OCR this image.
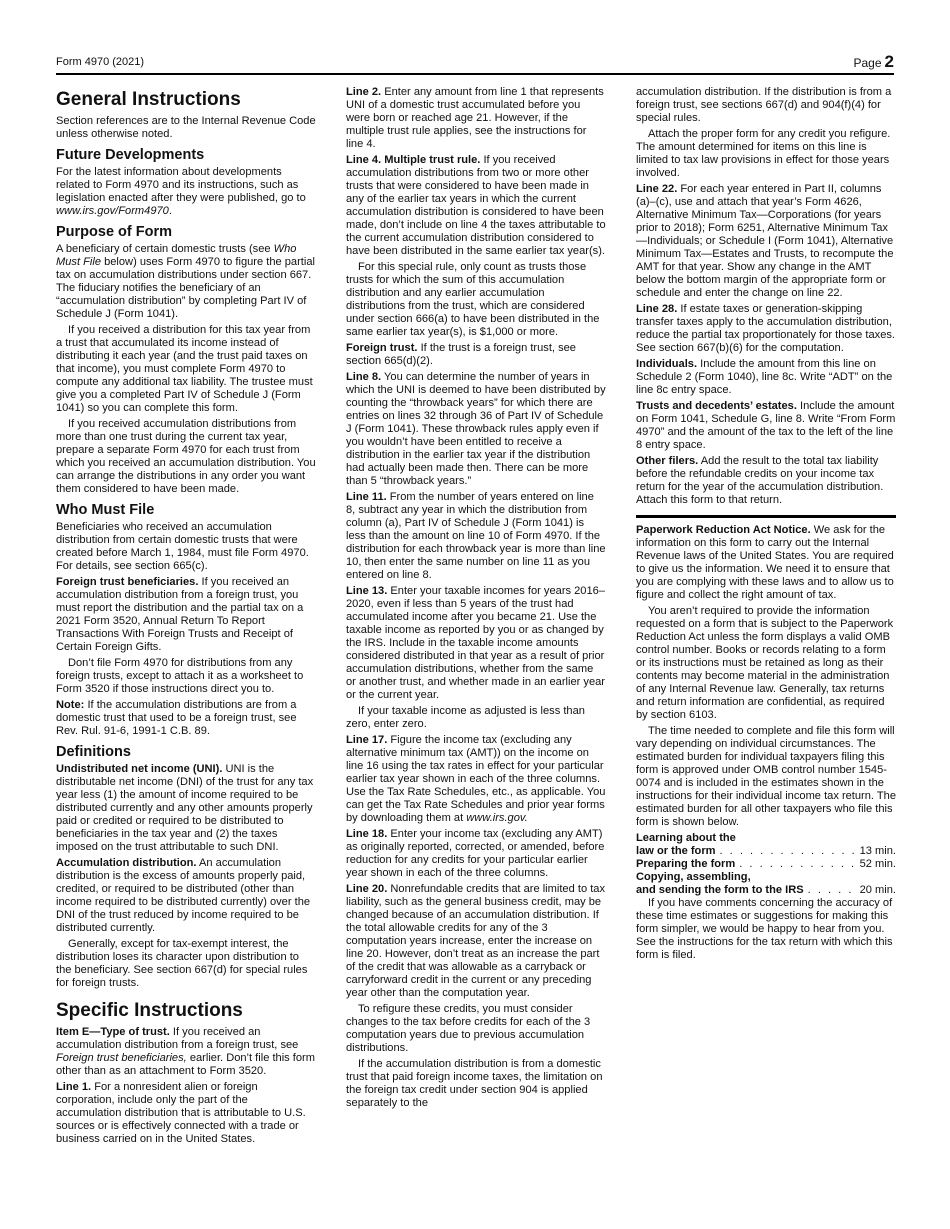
Form 4970 (2021)	Page 2
General Instructions

Section references are to the Internal Revenue Code unless otherwise noted.

Future Developments

For the latest information about developments related to Form 4970 and its instructions, such as legislation enacted after they were published, go to www.irs.gov/Form4970.

Purpose of Form

A beneficiary of certain domestic trusts (see Who Must File below) uses Form 4970 to figure the partial tax on accumulation distributions under section 667. The fiduciary notifies the beneficiary of an “accumulation distribution” by completing Part IV of Schedule J (Form 1041).

If you received a distribution for this tax year from a trust that accumulated its income instead of distributing it each year (and the trust paid taxes on that income), you must complete Form 4970 to compute any additional tax liability. The trustee must give you a completed Part IV of Schedule J (Form 1041) so you can complete this form.

If you received accumulation distributions from more than one trust during the current tax year, prepare a separate Form 4970 for each trust from which you received an accumulation distribution. You can arrange the distributions in any order you want them considered to have been made.

Who Must File

Beneficiaries who received an accumulation distribution from certain domestic trusts that were created before March 1, 1984, must file Form 4970. For details, see section 665(c).

Foreign trust beneficiaries. If you received an accumulation distribution from a foreign trust, you must report the distribution and the partial tax on a 2021 Form 3520, Annual Return To Report Transactions With Foreign Trusts and Receipt of Certain Foreign Gifts.

Don’t file Form 4970 for distributions from any foreign trusts, except to attach it as a worksheet to Form 3520 if those instructions direct you to.

Note: If the accumulation distributions are from a domestic trust that used to be a foreign trust, see Rev. Rul. 91-6, 1991-1 C.B. 89.

Definitions

Undistributed net income (UNI). UNI is the distributable net income (DNI) of the trust for any tax year less (1) the amount of income required to be distributed currently and any other amounts properly paid or credited or required to be distributed to beneficiaries in the tax year and (2) the taxes imposed on the trust attributable to such DNI.

Accumulation distribution. An accumulation distribution is the excess of amounts properly paid, credited, or required to be distributed (other than income required to be distributed currently) over the DNI of the trust reduced by income required to be distributed currently.

Generally, except for tax-exempt interest, the distribution loses its character upon distribution to the beneficiary. See section 667(d) for special rules for foreign trusts.

Specific Instructions

Item E—Type of trust. If you received an accumulation distribution from a foreign trust, see Foreign trust beneficiaries, earlier. Don’t file this form other than as an attachment to Form 3520.

Line 1. For a nonresident alien or foreign corporation, include only the part of the accumulation distribution that is attributable to U.S. sources or is effectively connected with a trade or business carried on in the United States.

Line 2. Enter any amount from line 1 that represents UNI of a domestic trust accumulated before you were born or reached age 21. However, if the multiple trust rule applies, see the instructions for line 4.

Line 4. Multiple trust rule. If you received accumulation distributions from two or more other trusts that were considered to have been made in any of the earlier tax years in which the current accumulation distribution is considered to have been made, don’t include on line 4 the taxes attributable to the current accumulation distribution considered to have been distributed in the same earlier tax year(s).

For this special rule, only count as trusts those trusts for which the sum of this accumulation distribution and any earlier accumulation distributions from the trust, which are considered under section 666(a) to have been distributed in the same earlier tax year(s), is $1,000 or more.

Foreign trust. If the trust is a foreign trust, see section 665(d)(2).

Line 8. You can determine the number of years in which the UNI is deemed to have been distributed by counting the “throwback years” for which there are entries on lines 32 through 36 of Part IV of Schedule J (Form 1041). These throwback rules apply even if you wouldn’t have been entitled to receive a distribution in the earlier tax year if the distribution had actually been made then. There can be more than 5 “throwback years.”

Line 11. From the number of years entered on line 8, subtract any year in which the distribution from column (a), Part IV of Schedule J (Form 1041) is less than the amount on line 10 of Form 4970. If the distribution for each throwback year is more than line 10, then enter the same number on line 11 as you entered on line 8.

Line 13. Enter your taxable incomes for years 2016–2020, even if less than 5 years of the trust had accumulated income after you became 21. Use the taxable income as reported by you or as changed by the IRS. Include in the taxable income amounts considered distributed in that year as a result of prior accumulation distributions, whether from the same or another trust, and whether made in an earlier year or the current year.

If your taxable income as adjusted is less than zero, enter zero.

Line 17. Figure the income tax (excluding any alternative minimum tax (AMT)) on the income on line 16 using the tax rates in effect for your particular earlier tax year shown in each of the three columns. Use the Tax Rate Schedules, etc., as applicable. You can get the Tax Rate Schedules and prior year forms by downloading them at www.irs.gov.

Line 18. Enter your income tax (excluding any AMT) as originally reported, corrected, or amended, before reduction for any credits for your particular earlier year shown in each of the three columns.

Line 20. Nonrefundable credits that are limited to tax liability, such as the general business credit, may be changed because of an accumulation distribution. If the total allowable credits for any of the 3 computation years increase, enter the increase on line 20. However, don’t treat as an increase the part of the credit that was allowable as a carryback or carryforward credit in the current or any preceding year other than the computation year.

To refigure these credits, you must consider changes to the tax before credits for each of the 3 computation years due to previous accumulation distributions.

If the accumulation distribution is from a domestic trust that paid foreign income taxes, the limitation on the foreign tax credit under section 904 is applied separately to the

accumulation distribution. If the distribution is from a foreign trust, see sections 667(d) and 904(f)(4) for special rules.

Attach the proper form for any credit you refigure. The amount determined for items on this line is limited to tax law provisions in effect for those years involved.

Line 22. For each year entered in Part II, columns (a)–(c), use and attach that year’s Form 4626, Alternative Minimum Tax—Corporations (for years prior to 2018); Form 6251, Alternative Minimum Tax—Individuals; or Schedule I (Form 1041), Alternative Minimum Tax—Estates and Trusts, to recompute the AMT for that year. Show any change in the AMT below the bottom margin of the appropriate form or schedule and enter the change on line 22.

Line 28. If estate taxes or generation-skipping transfer taxes apply to the accumulation distribution, reduce the partial tax proportionately for those taxes. See section 667(b)(6) for the computation.

Individuals. Include the amount from this line on Schedule 2 (Form 1040), line 8c. Write “ADT” on the line 8c entry space.

Trusts and decedents’ estates. Include the amount on Form 1041, Schedule G, line 8. Write “From Form 4970” and the amount of the tax to the left of the line 8 entry space.

Other filers. Add the result to the total tax liability before the refundable credits on your income tax return for the year of the accumulation distribution. Attach this form to that return.

Paperwork Reduction Act Notice. We ask for the information on this form to carry out the Internal Revenue laws of the United States. You are required to give us the information. We need it to ensure that you are complying with these laws and to allow us to figure and collect the right amount of tax.

You aren’t required to provide the information requested on a form that is subject to the Paperwork Reduction Act unless the form displays a valid OMB control number. Books or records relating to a form or its instructions must be retained as long as their contents may become material in the administration of any Internal Revenue law. Generally, tax returns and return information are confidential, as required by section 6103.

The time needed to complete and file this form will vary depending on individual circumstances. The estimated burden for individual taxpayers filing this form is approved under OMB control number 1545-0074 and is included in the estimates shown in the instructions for their individual income tax return. The estimated burden for all other taxpayers who file this form is shown below.

Learning about the
law or the form . . .	13 min.
Preparing the form . . .	52 min.
Copying, assembling,
and sending the form to the IRS . . .	20 min.

If you have comments concerning the accuracy of these time estimates or suggestions for making this form simpler, we would be happy to hear from you. See the instructions for the tax return with which this form is filed.
